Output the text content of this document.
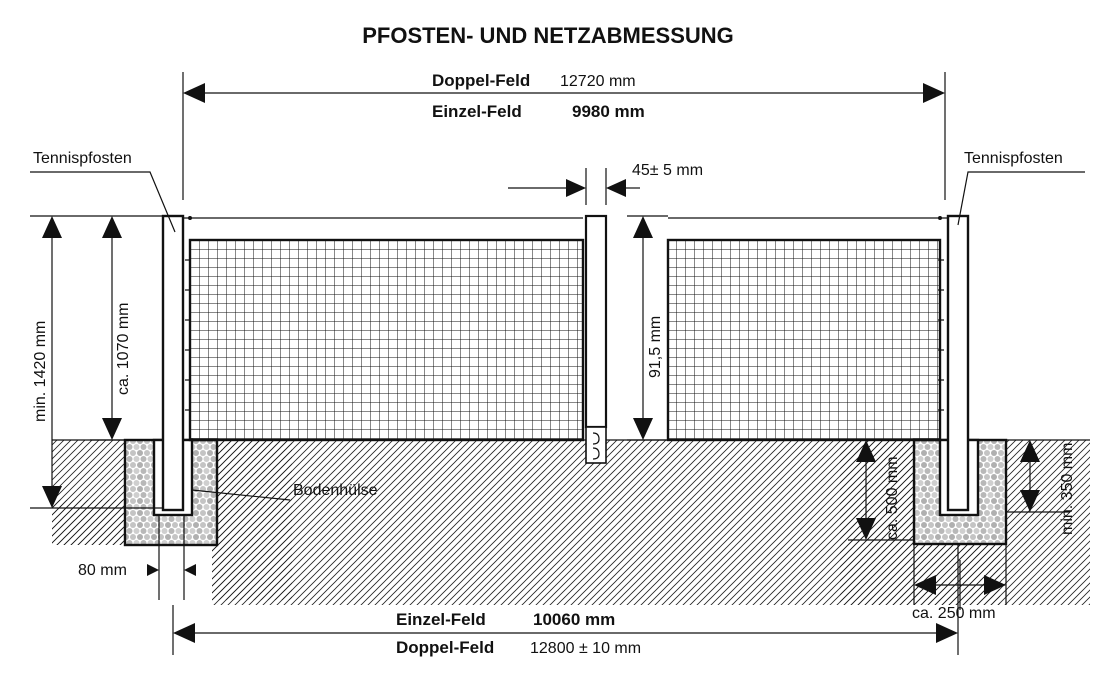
PFOSTEN- UND NETZABMESSUNG
Doppel-Feld 12720 mm
Einzel-Feld	9980 mm
Tennispfosten	Tennispfosten
45± 5 mm
91,5 mm
min. 1420 mm	ca. 1070 mm
Bodenhülse
80 mm
ca. 500 mm	min. 350 mm
ca. 250 mm
Einzel-Feld	10060 mm
Doppel-Feld 12800 ± 10 mm
